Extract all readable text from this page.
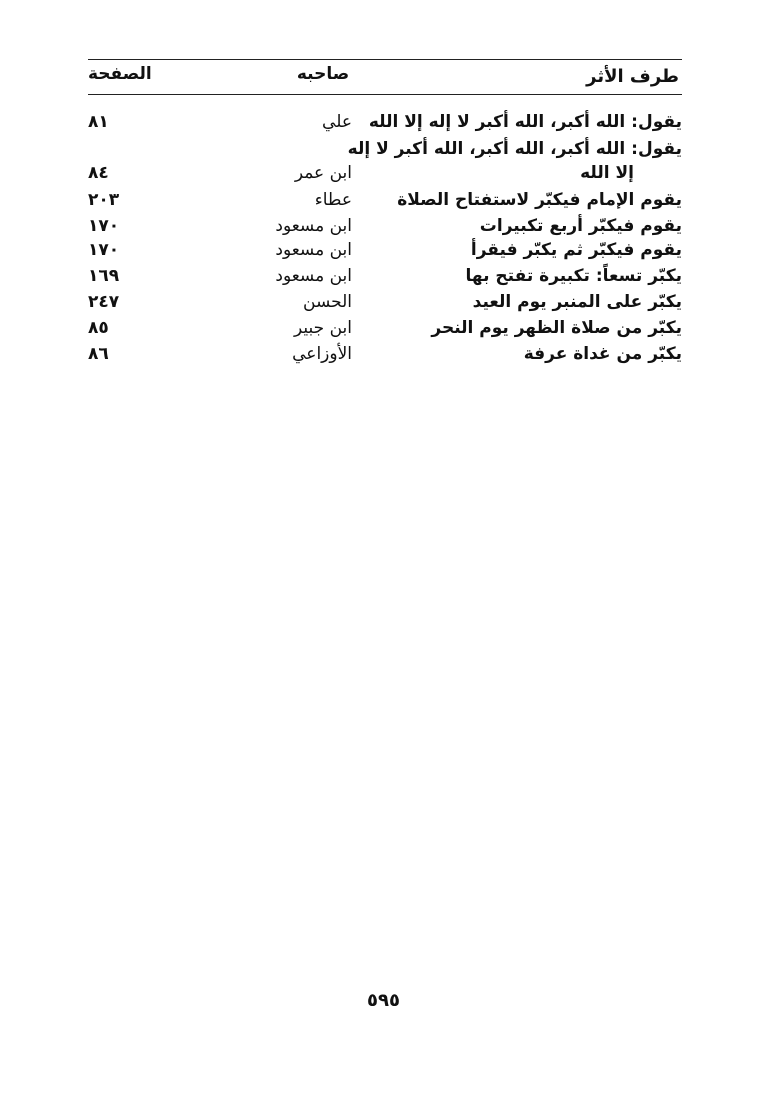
طرف الأثر
صاحبه
الصفحة
يقول: الله أكبر، الله أكبر لا إله إلا الله
علي
٨١
يقول: الله أكبر، الله أكبر، الله أكبر لا إله
إلا الله
ابن عمر
٨٤
يقوم الإمام فيكبّر لاستفتاح الصلاة
عطاء
٢٠٣
يقوم فيكبّر أربع تكبيرات
ابن مسعود
١٧٠
يقوم فيكبّر ثم يكبّر فيقرأ
ابن مسعود
١٧٠
يكبّر تسعاً: تكبيرة تفتح بها
ابن مسعود
١٦٩
يكبّر على المنبر يوم العيد
الحسن
٢٤٧
يكبّر من صلاة الظهر يوم النحر
ابن جبير
٨٥
يكبّر من غداة عرفة
الأوزاعي
٨٦
٥٩٥
